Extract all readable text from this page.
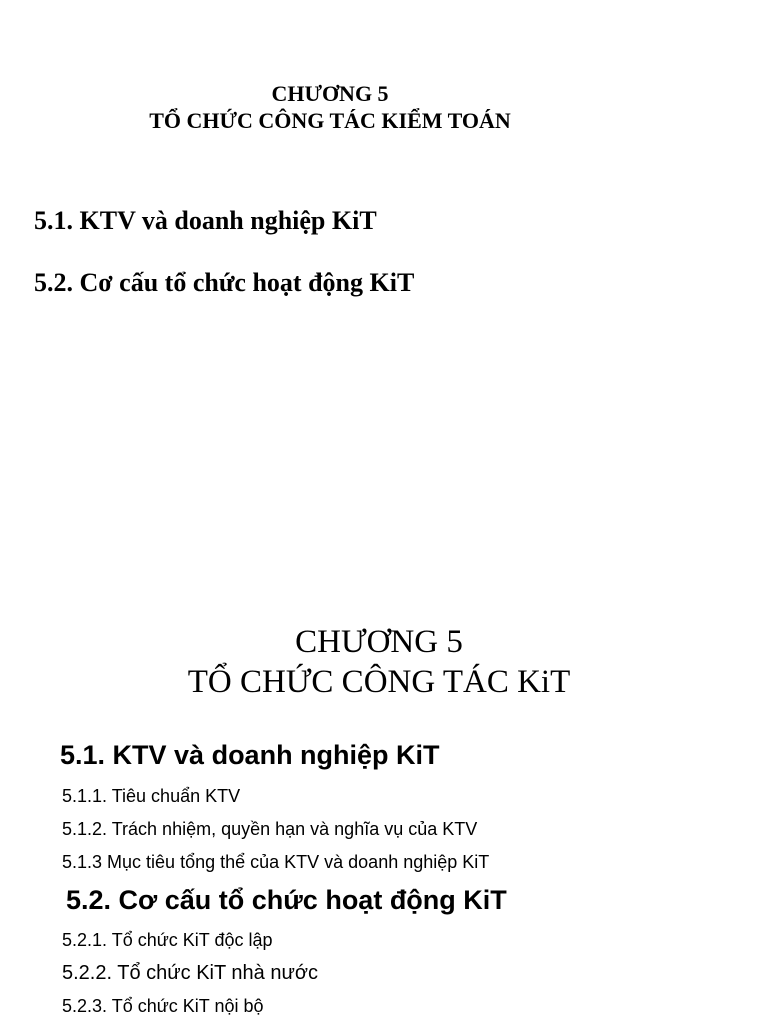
CHƯƠNG 5
TỔ CHỨC CÔNG TÁC KIỂM TOÁN
5.1. KTV và doanh nghiệp KiT
5.2. Cơ cấu tổ chức hoạt động KiT
CHƯƠNG 5
TỔ CHỨC CÔNG TÁC KiT
5.1. KTV và doanh nghiệp KiT
5.1.1. Tiêu chuẩn KTV
5.1.2. Trách nhiệm, quyền hạn và nghĩa vụ của KTV
5.1.3 Mục tiêu tổng thể của KTV và doanh nghiệp KiT
5.2. Cơ cấu tổ chức hoạt động KiT
5.2.1. Tổ chức KiT độc lập
5.2.2. Tổ chức KiT nhà nước
5.2.3. Tổ chức KiT nội bộ
